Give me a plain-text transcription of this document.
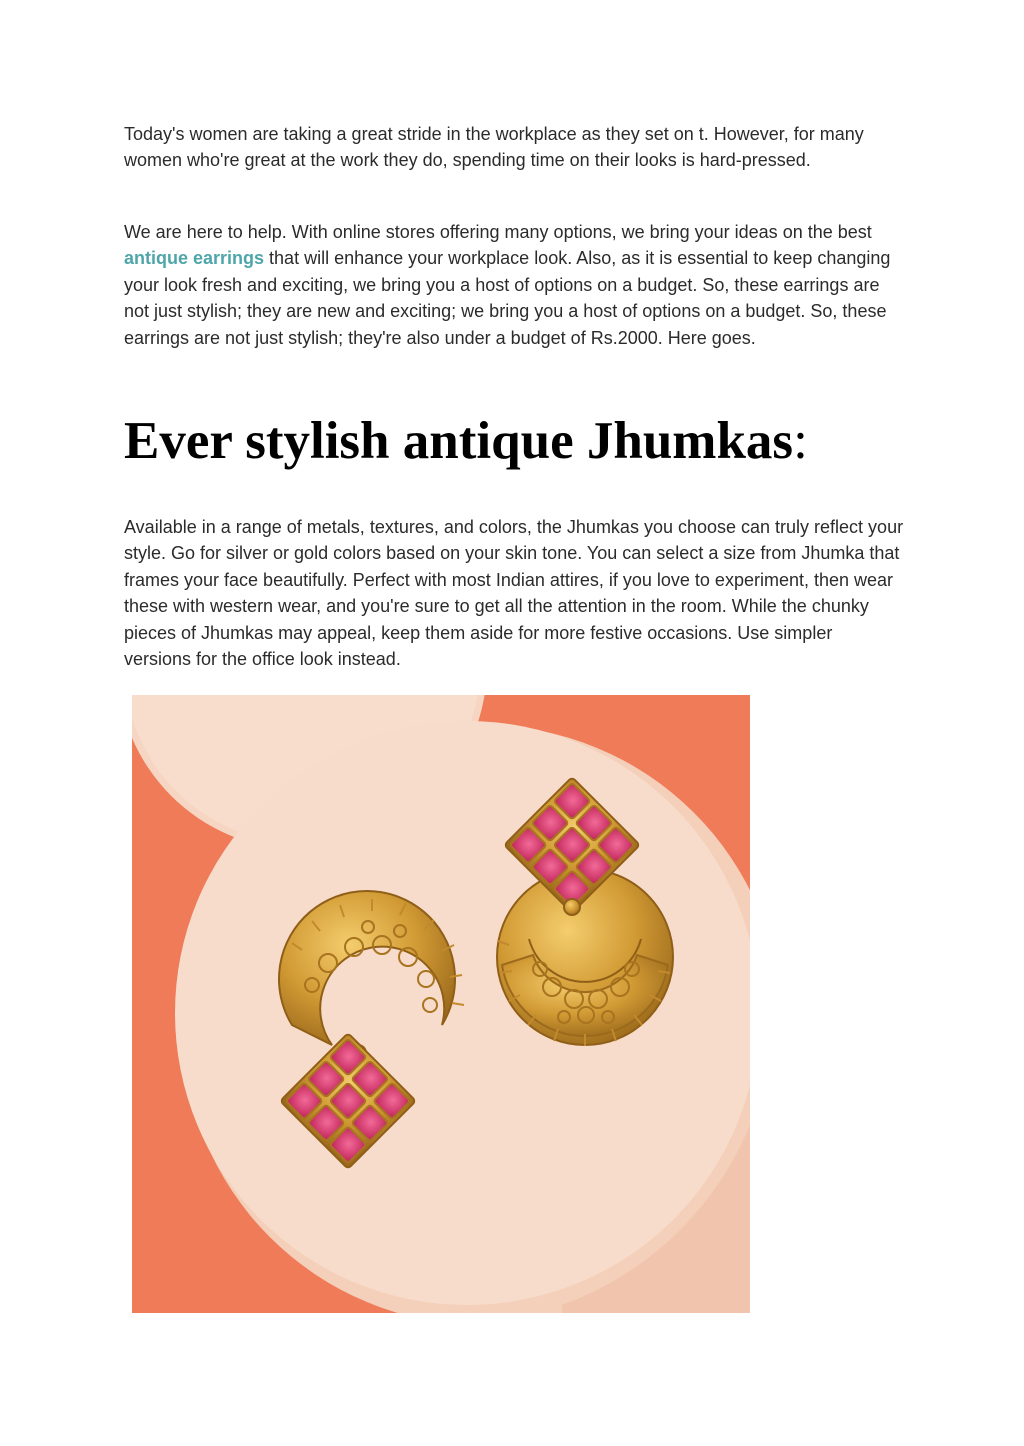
Today's women are taking a great stride in the workplace as they set on t. However, for many women who're great at the work they do, spending time on their looks is hard-pressed.

We are here to help. With online stores offering many options, we bring your ideas on the best antique earrings that will enhance your workplace look. Also, as it is essential to keep changing your look fresh and exciting, we bring you a host of options on a budget. So, these earrings are not just stylish; they are new and exciting; we bring you a host of options on a budget. So, these earrings are not just stylish; they're also under a budget of Rs.2000. Here goes.

Ever stylish antique Jhumkas:

Available in a range of metals, textures, and colors, the Jhumkas you choose can truly reflect your style. Go for silver or gold colors based on your skin tone. You can select a size from Jhumka that frames your face beautifully. Perfect with most Indian attires, if you love to experiment, then wear these with western wear, and you're sure to get all the attention in the room. While the chunky pieces of Jhumkas may appeal, keep them aside for more festive occasions. Use simpler versions for the office look instead.
